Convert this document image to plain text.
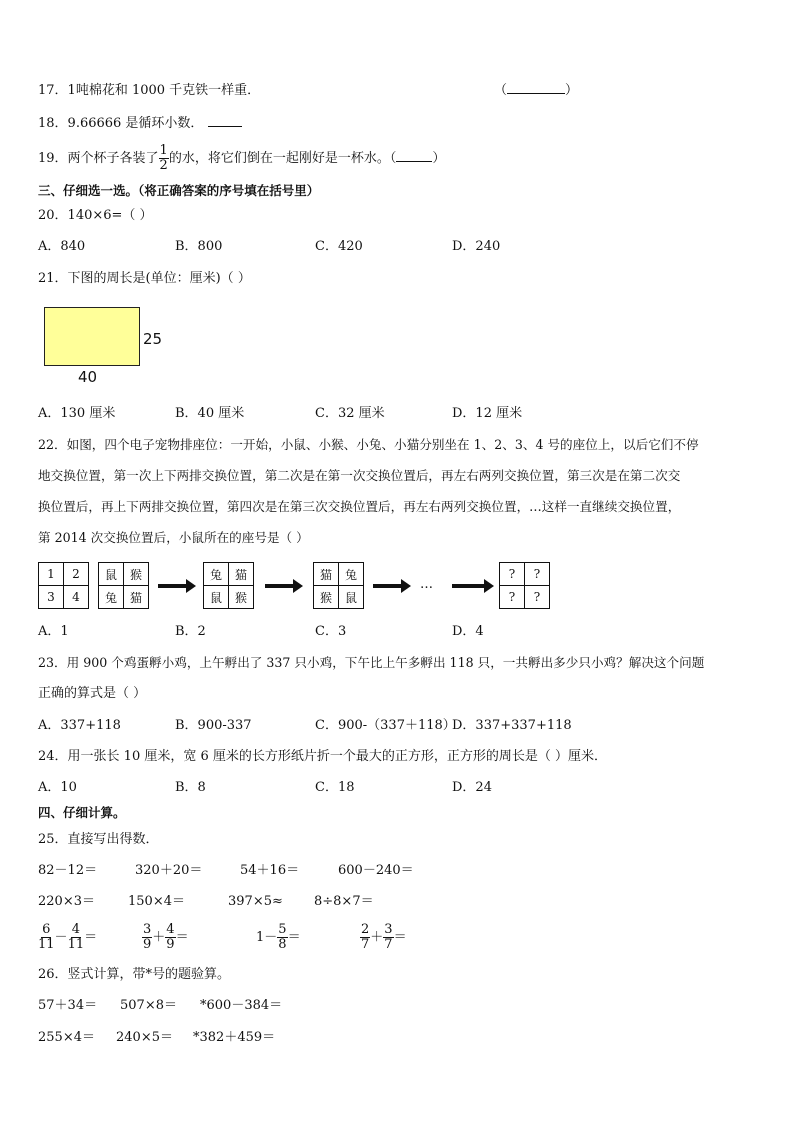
17．1吨棉花和 1000 千克铁一样重．	（	）
18．9.66666 是循环小数．
19．两个杯子各装了 $\frac{1}{2}$ 的水，将它们倒在一起刚好是一杯水。（	）
三、仔细选一选。（将正确答案的序号填在括号里）
20．140×6=（ ）
A．840	B．800	C．420	D．240
21．下图的周长是(单位：厘米)（ ）
25
40
A．130 厘米	B．40 厘米	C．32 厘米	D．12 厘米
22．如图，四个电子宠物排座位：一开始，小鼠、小猴、小兔、小猫分别坐在 1、2、3、4 号的座位上，以后它们不停
地交换位置，第一次上下两排交换位置，第二次是在第一次交换位置后，再左右两列交换位置，第三次是在第二次交
换位置后，再上下两排交换位置，第四次是在第三次交换位置后，再左右两列交换位置，…这样一直继续交换位置，
第 2014 次交换位置后，小鼠所在的座号是（ ）
1	2
3	4
鼠	猴
兔	猫
兔	猫
鼠	猴
猫	兔
猴	鼠
…
?	?
?	?
A．1	B．2	C．3	D．4
23．用 900 个鸡蛋孵小鸡，上午孵出了 337 只小鸡，下午比上午多孵出 118 只，一共孵出多少只小鸡？解决这个问题
正确的算式是（ ）
A．337+118	B．900-337	C．900-（337＋118）
D．337+337+118
24．用一张长 10 厘米，宽 6 厘米的长方形纸片折一个最大的正方形，正方形的周长是（ ）厘米．
A．10	B．8	C．18	D．24
四、仔细计算。
25．直接写出得数．
82－12＝	320＋20＝	54＋16＝	600－240＝
220×3＝	150×4＝	397×5≈ 8÷8×7＝
$\frac{6}{11} - \frac{4}{11}$ ＝	$\frac{3}{9} + \frac{4}{9}$ ＝	$1- \frac{5}{8}$ ＝	$\frac{2}{7} + \frac{3}{7}$ ＝
26．竖式计算，带*号的题验算。
57＋34＝ 507×8＝ *600－384＝
255×4＝ 240×5＝ *382＋459＝
